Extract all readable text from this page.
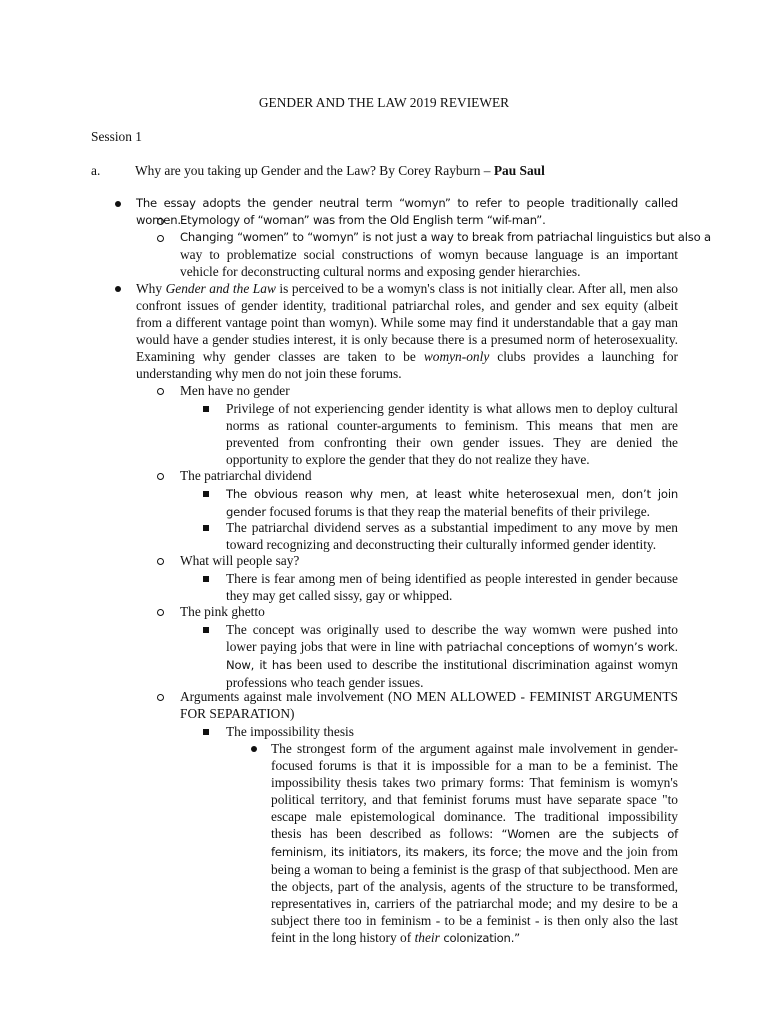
GENDER AND THE LAW 2019 REVIEWER
Session 1
a.	Why are you taking up Gender and the Law? By Corey Rayburn – Pau Saul
The essay adopts the gender neutral term “womyn” to refer to people traditionally called women. Etymology of “woman” was from the Old English term “wif-man”.
Changing “women” to “womyn” is not just a way to break from patriachal linguistics but also a
way to problematize social constructions of womyn because language is an important vehicle for deconstructing cultural norms and exposing gender hierarchies.
Why Gender and the Law is perceived to be a womyn's class is not initially clear. After all, men also confront issues of gender identity, traditional patriarchal roles, and gender and sex equity (albeit from a different vantage point than womyn). While some may find it understandable that a gay man would have a gender studies interest, it is only because there is a presumed norm of heterosexuality. Examining why gender classes are taken to be womyn-only clubs provides a launching for understanding why men do not join these forums.
Men have no gender
Privilege of not experiencing gender identity is what allows men to deploy cultural norms as rational counter-arguments to feminism. This means that men are prevented from confronting their own gender issues. They are denied the opportunity to explore the gender that they do not realize they have.
The patriarchal dividend
The obvious reason why men, at least white heterosexual men, don’t join gender focused forums is that they reap the material benefits of their privilege.
The patriarchal dividend serves as a substantial impediment to any move by men toward recognizing and deconstructing their culturally informed gender identity.
What will people say?
There is fear among men of being identified as people interested in gender because they may get called sissy, gay or whipped.
The pink ghetto
The concept was originally used to describe the way womwn were pushed into lower paying jobs that were in line with patriachal conceptions of womyn’s work. Now, it has been used to describe the institutional discrimination against womyn professions who teach gender issues.
Arguments against male involvement (NO MEN ALLOWED - FEMINIST ARGUMENTS FOR SEPARATION)
The impossibility thesis
The strongest form of the argument against male involvement in gender-focused forums is that it is impossible for a man to be a feminist. The impossibility thesis takes two primary forms: That feminism is womyn's political territory, and that feminist forums must have separate space "to escape male epistemological dominance. The traditional impossibility thesis has been described as follows: “Women are the subjects of feminism, its initiators, its makers, its force; the move and the join from being a woman to being a feminist is the grasp of that subjecthood. Men are the objects, part of the analysis, agents of the structure to be transformed, representatives in, carriers of the patriarchal mode; and my desire to be a subject there too in feminism - to be a feminist - is then only also the last feint in the long history of their colonization.”
